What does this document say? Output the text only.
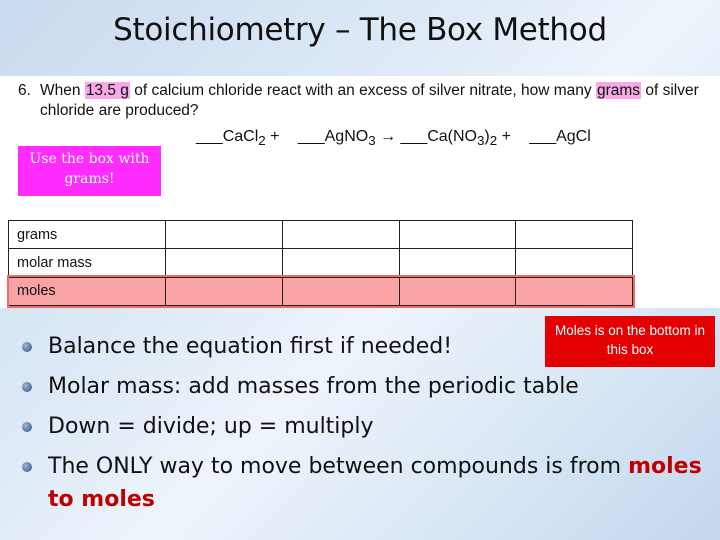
Stoichiometry – The Box Method
6. When 13.5 g of calcium chloride react with an excess of silver nitrate, how many grams of silver chloride are produced?
___CaCl$_2$ + ___AgNO$_3$ → $\_\_\_Ca(NO_3)_2$ + ___AgCl
Use the box with grams!
grams				
molar mass				
moles				
Balance the equation first if needed!
Molar mass: add masses from the periodic table
Down = divide; up = multiply
The ONLY way to move between compounds is from moles to moles
Moles is on the bottom in this box
